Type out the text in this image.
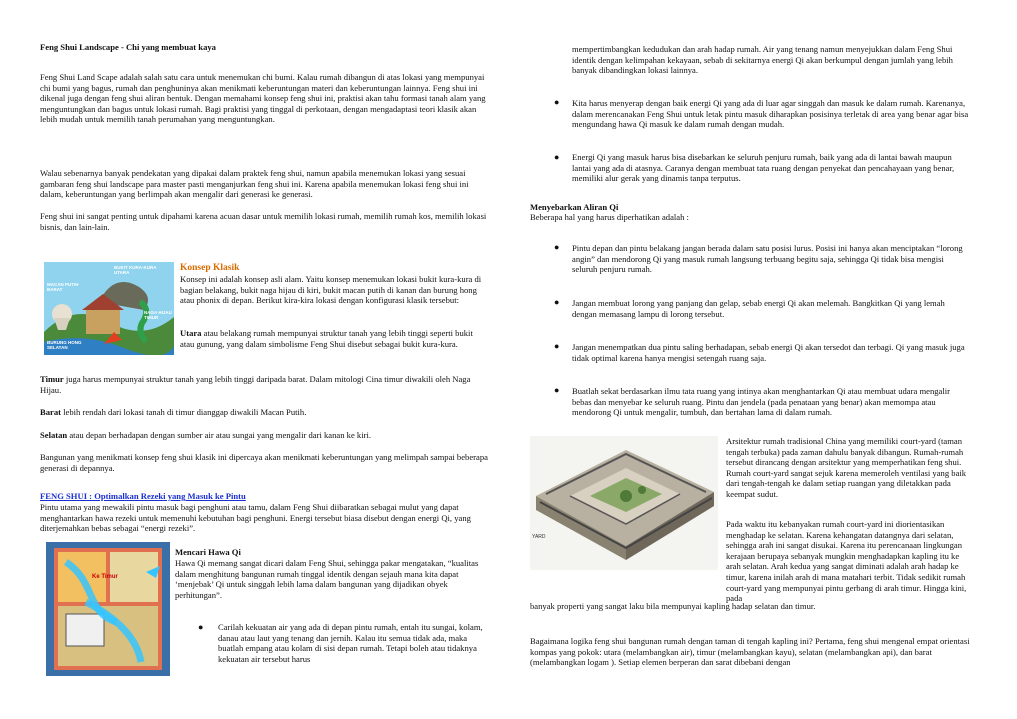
Feng Shui Landscape - Chi yang membuat kaya

Feng Shui Land Scape adalah salah satu cara untuk menemukan chi bumi. Kalau rumah dibangun di atas lokasi yang mempunyai chi bumi yang bagus, rumah dan penghuninya akan menikmati keberuntungan materi dan keberuntungan lainnya. Feng shui ini dikenal juga dengan feng shui aliran bentuk. Dengan memahami konsep feng shui ini, praktisi akan tahu formasi tanah alam yang menguntungkan dan bagus untuk lokasi rumah. Bagi praktisi yang tinggal di perkotaan, dengan mengadaptasi teori klasik akan lebih mudah untuk memilih tanah perumahan yang menguntungkan.

Walau sebenarnya banyak pendekatan yang dipakai dalam praktek feng shui, namun apabila menemukan lokasi yang sesuai gambaran feng shui landscape para master pasti menganjurkan feng shui ini. Karena apabila menemukan lokasi feng shui ini dalam, keberuntungan yang berlimpah akan mengalir dari generasi ke generasi.

Feng shui ini sangat penting untuk dipahami karena acuan dasar untuk memilih lokasi rumah, memilih rumah kos, memilih lokasi bisnis, dan lain-lain.

BUKIT KURA-KURA UTARA
MACAN PUTIH BARAT
NAGA HIJAU TIMUR
BURUNG HONG SELATAN

Konsep Klasik

Konsep ini adalah konsep asli alam. Yaitu konsep menemukan lokasi bukit kura-kura di bagian belakang, bukit naga hijau di kiri, bukit macan putih di kanan dan burung hong atau phonix di depan. Berikut kira-kira lokasi dengan konfigurasi klasik tersebut:

Utara atau belakang rumah mempunyai struktur tanah yang lebih tinggi seperti bukit atau gunung, yang dalam simbolisme Feng Shui disebut sebagai bukit kura-kura.

Timur juga harus mempunyai struktur tanah yang lebih tinggi daripada barat. Dalam mitologi Cina timur diwakili oleh Naga Hijau.

Barat lebih rendah dari lokasi tanah di timur dianggap diwakili Macan Putih.

Selatan atau depan berhadapan dengan sumber air atau sungai yang mengalir dari kanan ke kiri.

Bangunan yang menikmati konsep feng shui klasik ini dipercaya akan menikmati keberuntungan yang melimpah sampai beberapa generasi di depannya.

FENG SHUI : Optimalkan Rezeki yang Masuk ke Pintu

Pintu utama yang mewakili pintu masuk bagi penghuni atau tamu, dalam Feng Shui diibaratkan sebagai mulut yang dapat menghantarkan hawa rezeki untuk memenuhi kebutuhan bagi penghuni. Energi tersebut biasa disebut dengan energi Qi, yang diterjemahkan bebas sebagai “energi rezeki”.

Ke Timur

Mencari Hawa Qi

Hawa Qi memang sangat dicari dalam Feng Shui, sehingga pakar mengatakan, “kualitas dalam menghitung bangunan rumah tinggal identik dengan sejauh mana kita dapat ‘menjebak’ Qi untuk singgah lebih lama dalam bangunan yang dijadikan obyek perhitungan”.

● Carilah kekuatan air yang ada di depan pintu rumah, entah itu sungai, kolam, danau atau laut yang tenang dan jernih. Kalau itu semua tidak ada, maka buatlah empang atau kolam di sisi depan rumah. Tetapi boleh atau tidaknya kekuatan air tersebut harus

mempertimbangkan kedudukan dan arah hadap rumah. Air yang tenang namun menyejukkan dalam Feng Shui identik dengan kelimpahan kekayaan, sebab di sekitarnya energi Qi akan berkumpul dengan jumlah yang lebih banyak dibandingkan lokasi lainnya.

● Kita harus menyerap dengan baik energi Qi yang ada di luar agar singgah dan masuk ke dalam rumah. Karenanya, dalam merencanakan Feng Shui untuk letak pintu masuk diharapkan posisinya terletak di area yang benar agar bisa mengundang hawa Qi masuk ke dalam rumah dengan mudah.

● Energi Qi yang masuk harus bisa disebarkan ke seluruh penjuru rumah, baik yang ada di lantai bawah maupun lantai yang ada di atasnya. Caranya dengan membuat tata ruang dengan penyekat dan pencahayaan yang benar, memiliki alur gerak yang dinamis tanpa terputus.

Menyebarkan Aliran Qi

Beberapa hal yang harus diperhatikan adalah :

● Pintu depan dan pintu belakang jangan berada dalam satu posisi lurus. Posisi ini hanya akan menciptakan “lorong angin” dan mendorong Qi yang masuk rumah langsung terbuang begitu saja, sehingga Qi tidak bisa mengisi seluruh penjuru rumah.

● Jangan membuat lorong yang panjang dan gelap, sebab energi Qi akan melemah. Bangkitkan Qi yang lemah dengan memasang lampu di lorong tersebut.

● Jangan menempatkan dua pintu saling berhadapan, sebab energi Qi akan tersedot dan terbagi. Qi yang masuk juga tidak optimal karena hanya mengisi setengah ruang saja.

● Buatlah sekat berdasarkan ilmu tata ruang yang intinya akan menghantarkan Qi atau membuat udara mengalir bebas dan menyebar ke seluruh ruang. Pintu dan jendela (pada penataan yang benar) akan memompa atau mendorong Qi untuk mengalir, tumbuh, dan bertahan lama di dalam rumah.

YARD

Arsitektur rumah tradisional China yang memiliki court-yard (taman tengah terbuka) pada zaman dahulu banyak dibangun. Rumah-rumah tersebut dirancang dengan arsitektur yang memperhatikan feng shui. Rumah court-yard sangat sejuk karena memeroleh ventilasi yang baik dari tengah-tengah ke dalam setiap ruangan yang diletakkan pada keempat sudut.

Pada waktu itu kebanyakan rumah court-yard ini diorientasikan menghadap ke selatan. Karena kehangatan datangnya dari selatan, sehingga arah ini sangat disukai. Karena itu perencanaan lingkungan kerajaan berupaya sebanyak mungkin menghadapkan kapling itu ke arah selatan. Arah kedua yang sangat diminati adalah arah hadap ke timur, karena inilah arah di mana matahari terbit. Tidak sedikit rumah court-yard yang mempunyai pintu gerbang di arah timur. Hingga kini, pada

banyak properti yang sangat laku bila mempunyai kapling hadap selatan dan timur.

Bagaimana logika feng shui bangunan rumah dengan taman di tengah kapling ini? Pertama, feng shui mengenal empat orientasi kompas yang pokok: utara (melambangkan air), timur (melambangkan kayu), selatan (melambangkan api), dan barat (melambangkan logam ). Setiap elemen berperan dan sarat dibebani dengan
